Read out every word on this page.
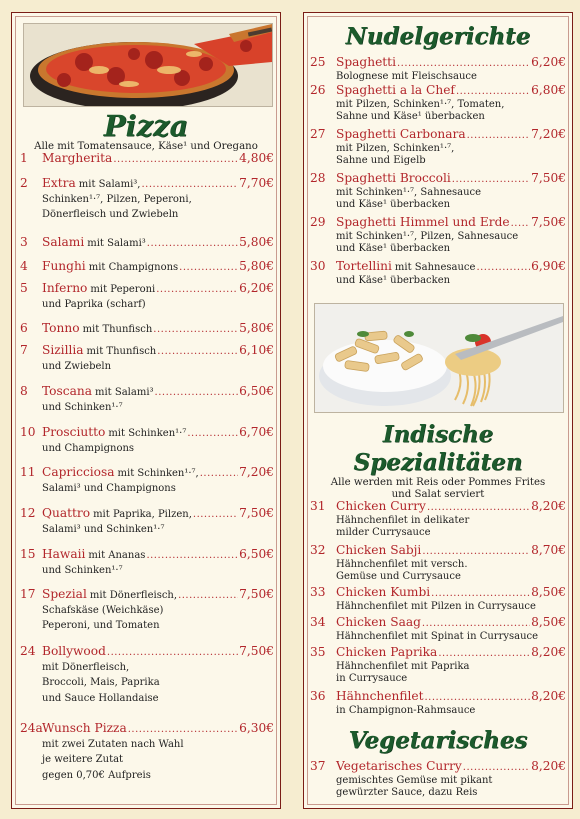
Pizza
Alle mit Tomatensauce, Käse¹ und Oregano
1	Margherita .....	4,80€
2	Extra mit Salami³, .....	7,70€
Schinken¹·⁷, Pilzen, Peperoni,
Dönerfleisch und Zwiebeln
3	Salami mit Salami³ .....	5,80€
4	Funghi mit Champignons .....	5,80€
5	Inferno mit Peperoni .....	6,20€
und Paprika (scharf)
6	Tonno mit Thunfisch .....	5,80€
7	Sizillia mit Thunfisch .....	6,10€
und Zwiebeln
8	Toscana mit Salami³ .....	6,50€
und Schinken¹·⁷
10 Prosciutto mit Schinken¹·⁷ .....	6,70€
und Champignons
11 Capricciosa mit Schinken¹·⁷, .....	7,20€
Salami³ und Champignons
12 Quattro mit Paprika, Pilzen, .....	7,50€
Salami³ und Schinken¹·⁷
15 Hawaii mit Ananas .....	6,50€
und Schinken¹·⁷
17 Spezial mit Dönerfleisch, .....	7,50€
Schafskäse (Weichkäse)
Peperoni, und Tomaten
24 Bollywood .....	7,50€
mit Dönerfleisch,
Broccoli, Mais, Paprika
und Sauce Hollandaise
24a Wunsch Pizza .....	6,30€
mit zwei Zutaten nach Wahl
je weitere Zutat
gegen 0,70€ Aufpreis
Nudelgerichte
25 Spaghetti .....	6,20€
Bolognese mit Fleischsauce
26 Spaghetti a la Chef .....	6,80€
mit Pilzen, Schinken¹·⁷, Tomaten,
Sahne und Käse¹ überbacken
27 Spaghetti Carbonara .....	7,20€
mit Pilzen, Schinken¹·⁷,
Sahne und Eigelb
28 Spaghetti Broccoli .....	7,50€
mit Schinken¹·⁷, Sahnesauce
und Käse¹ überbacken
29 Spaghetti Himmel und Erde ..... 7,50€
mit Schinken¹·⁷, Pilzen, Sahnesauce
und Käse¹ überbacken
30 Tortellini mit Sahnesauce .....	6,90€
und Käse¹ überbacken
Indische
Spezialitäten
Alle werden mit Reis oder Pommes Frites
und Salat serviert
31 Chicken Curry .....	8,20€
Hähnchenfilet in delikater
milder Currysauce
32 Chicken Sabji .....	8,70€
Hähnchenfilet mit versch.
Gemüse und Currysauce
33 Chicken Kumbi .....	8,50€
Hähnchenfilet mit Pilzen in Currysauce
34 Chicken Saag .....	8,50€
Hähnchenfilet mit Spinat in Currysauce
35 Chicken Paprika .....	8,20€
Hähnchenfilet mit Paprika
in Currysauce
36 Hähnchenfilet .....	8,20€
in Champignon-Rahmsauce
Vegetarisches
37 Vegetarisches Curry .....	8,20€
gemischtes Gemüse mit pikant
gewürzter Sauce, dazu Reis
